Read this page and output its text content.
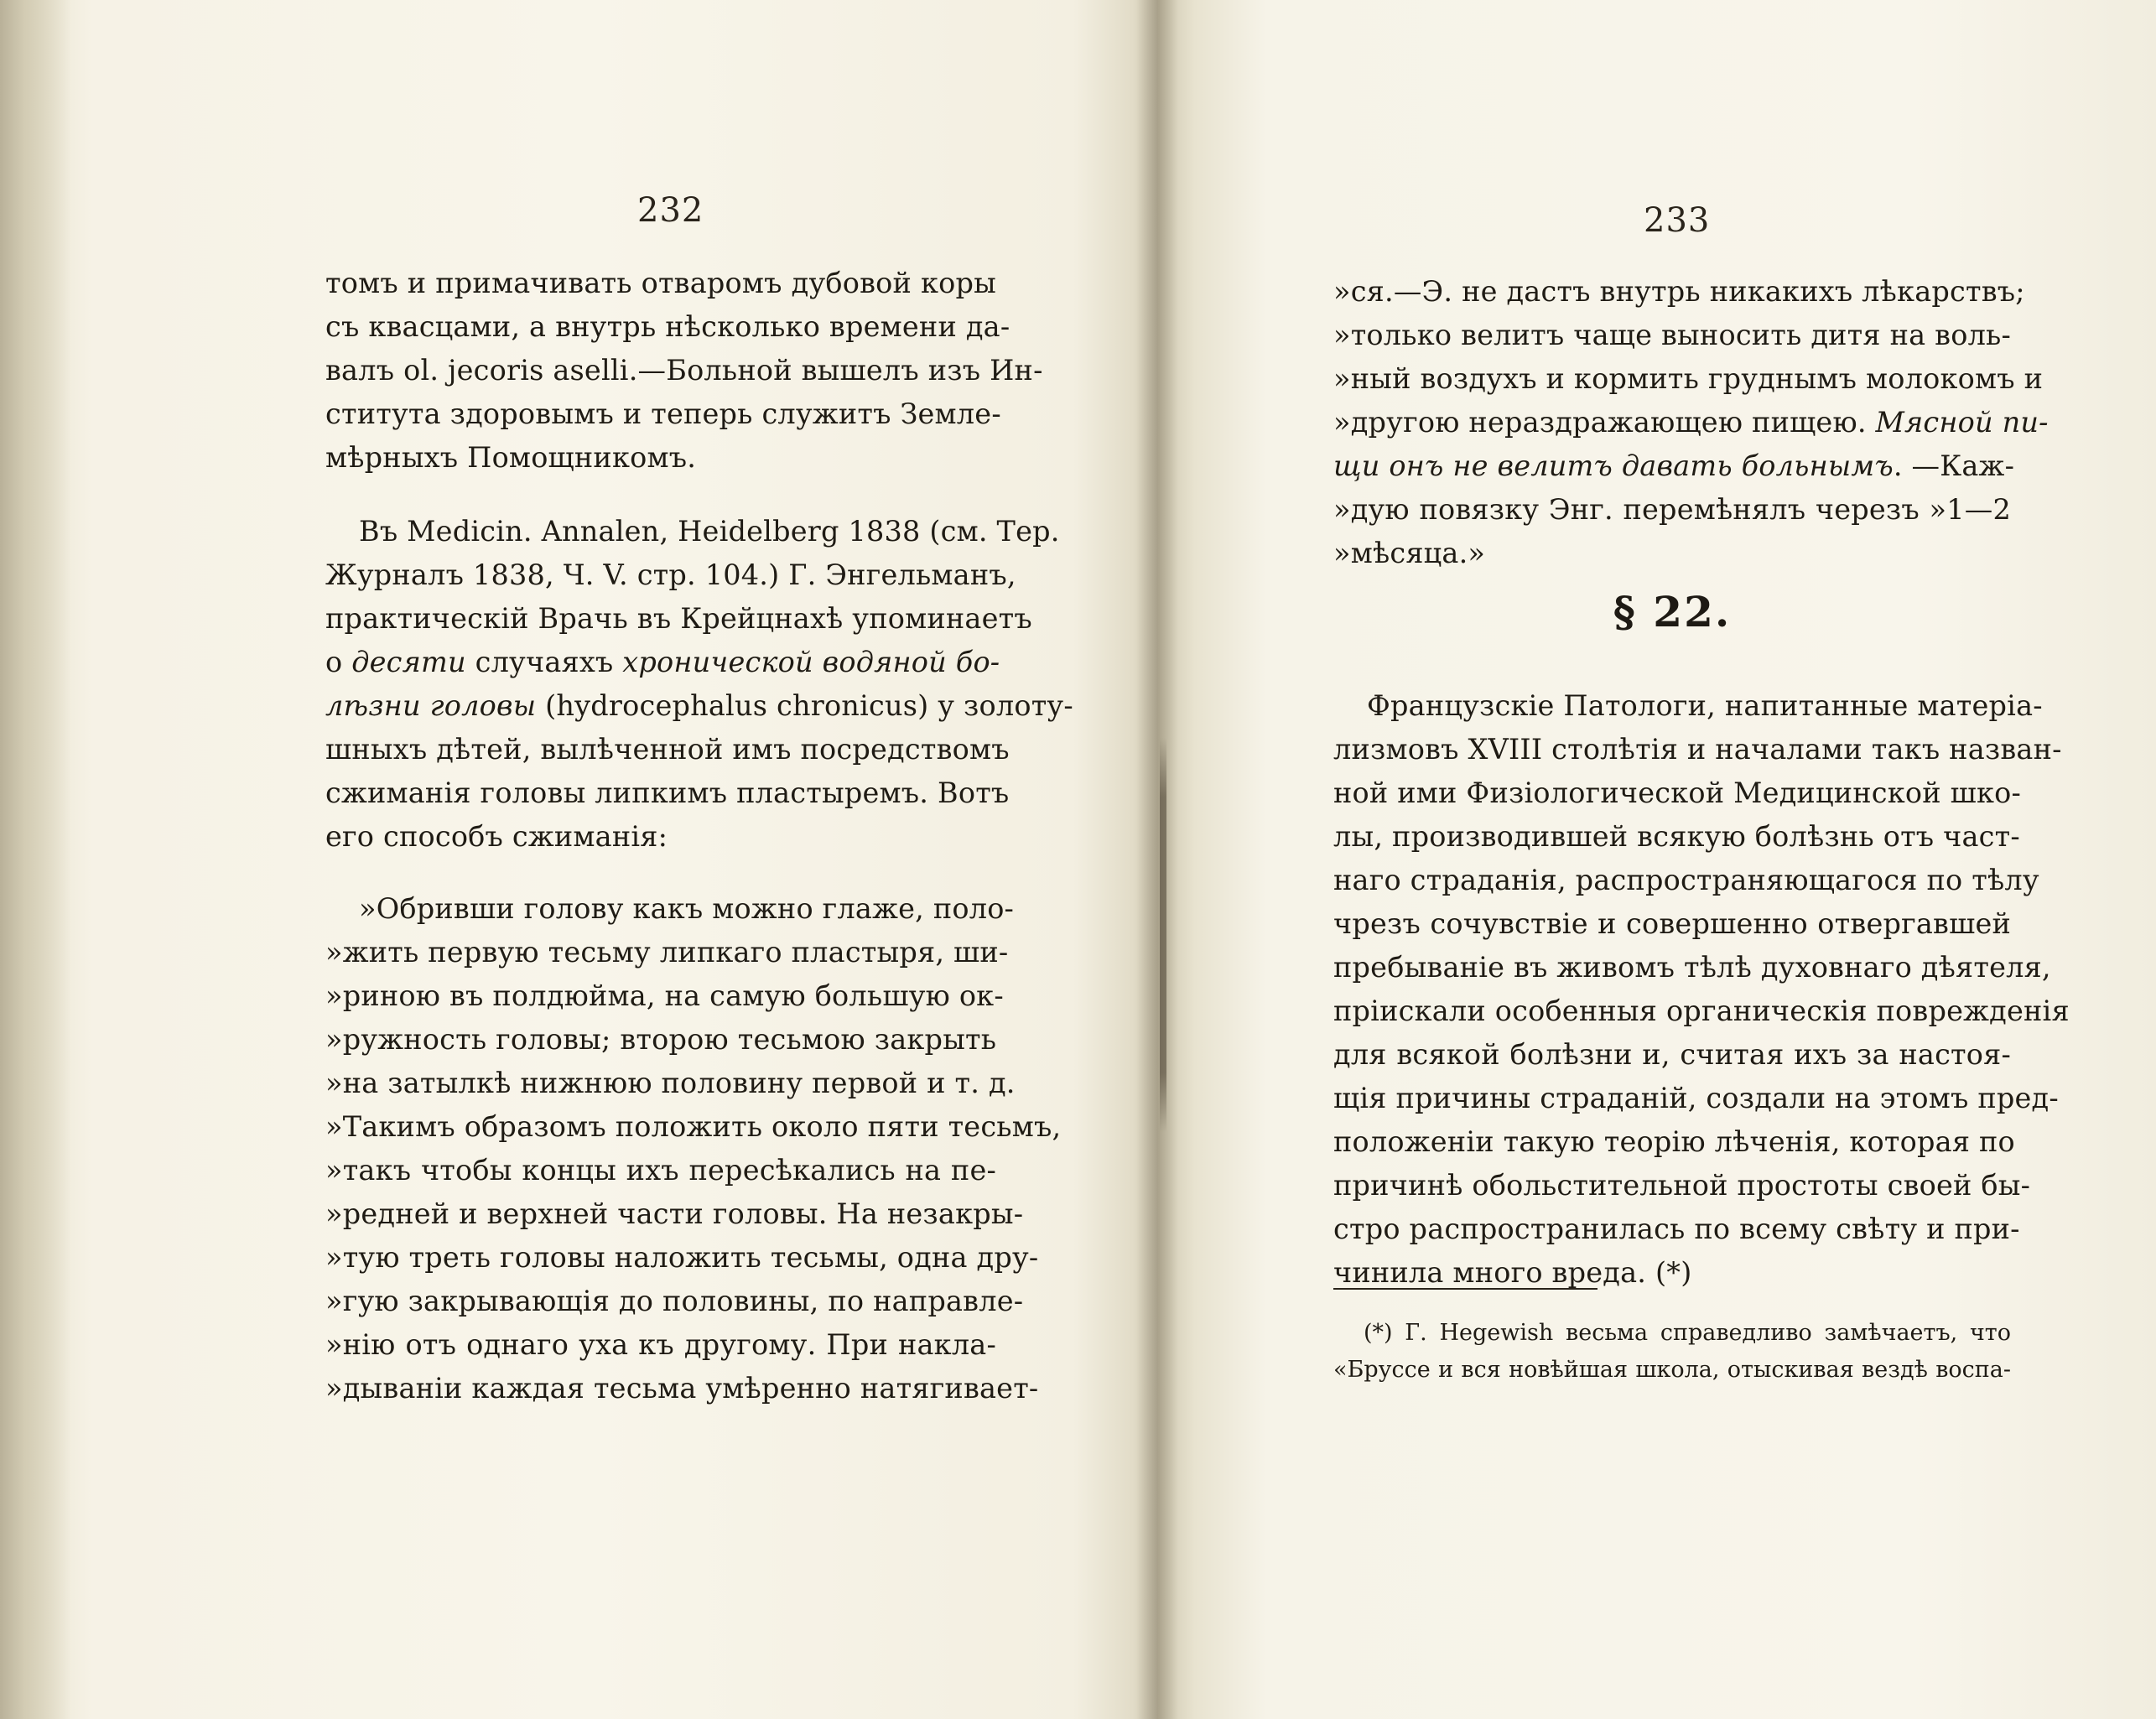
232
томъ и примачивать отваромъ дубовой коры
съ квасцами, а внутрь нѣсколько времени да-
валъ ol. jecoris aselli.—Больной вышелъ изъ Ин-
ститута здоровымъ и теперь служитъ Земле-
мѣрныхъ Помощникомъ.
Въ Medicin. Annalen, Heidelberg 1838 (см. Тер.
Журналъ 1838, Ч. V. стр. 104.) Г. Энгельманъ,
практическій Врачь въ Крейцнахѣ упоминаетъ
о десяти случаяхъ хронической водяной бо-
лѣзни головы (hydrocephalus chronicus) у золоту-
шныхъ дѣтей, вылѣченной имъ посредствомъ
сжиманія головы липкимъ пластыремъ. Вотъ
его способъ сжиманія:
»Обривши голову какъ можно глаже, поло-
»жить первую тесьму липкаго пластыря, ши-
»риною въ полдюйма, на самую большую ок-
»ружность головы; второю тесьмою закрыть
»на затылкѣ нижнюю половину первой и т. д.
»Такимъ образомъ положить около пяти тесьмъ,
»такъ чтобы концы ихъ пересѣкались на пе-
»редней и верхней части головы. На незакры-
»тую треть головы наложить тесьмы, одна дру-
»гую закрывающія до половины, по направле-
»нію отъ однаго уха къ другому. При накла-
»дываніи каждая тесьма умѣренно натягивает-
233
»ся.—Э. не дастъ внутрь никакихъ лѣкарствъ;
»только велитъ чаще выносить дитя на воль-
»ный воздухъ и кормить груднымъ молокомъ и
»другою нераздражающею пищею. Мясной пи-
щи онъ не велитъ давать больнымъ. —Каж-
»дую повязку Энг. перемѣнялъ черезъ »1—2
»мѣсяца.»
§ 22.
Французскіе Патологи, напитанные матеріа-
лизмовъ XVIII столѣтія и началами такъ назван-
ной ими Физіологической Медицинской шко-
лы, производившей всякую болѣзнь отъ част-
наго страданія, распространяющагося по тѣлу
чрезъ сочувствіе и совершенно отвергавшей
пребываніе въ живомъ тѣлѣ духовнаго дѣятеля,
пріискали особенныя органическія поврежденія
для всякой болѣзни и, считая ихъ за настоя-
щія причины страданій, создали на этомъ пред-
положеніи такую теорію лѣченія, которая по
причинѣ обольстительной простоты своей бы-
стро распространилась по всему свѣту и при-
чинила много вреда. (*)
(*) Г. Hegewish весьма справедливо замѣчаетъ, что
«Бруссе и вся новѣйшая школа, отыскивая вездѣ воспа-
